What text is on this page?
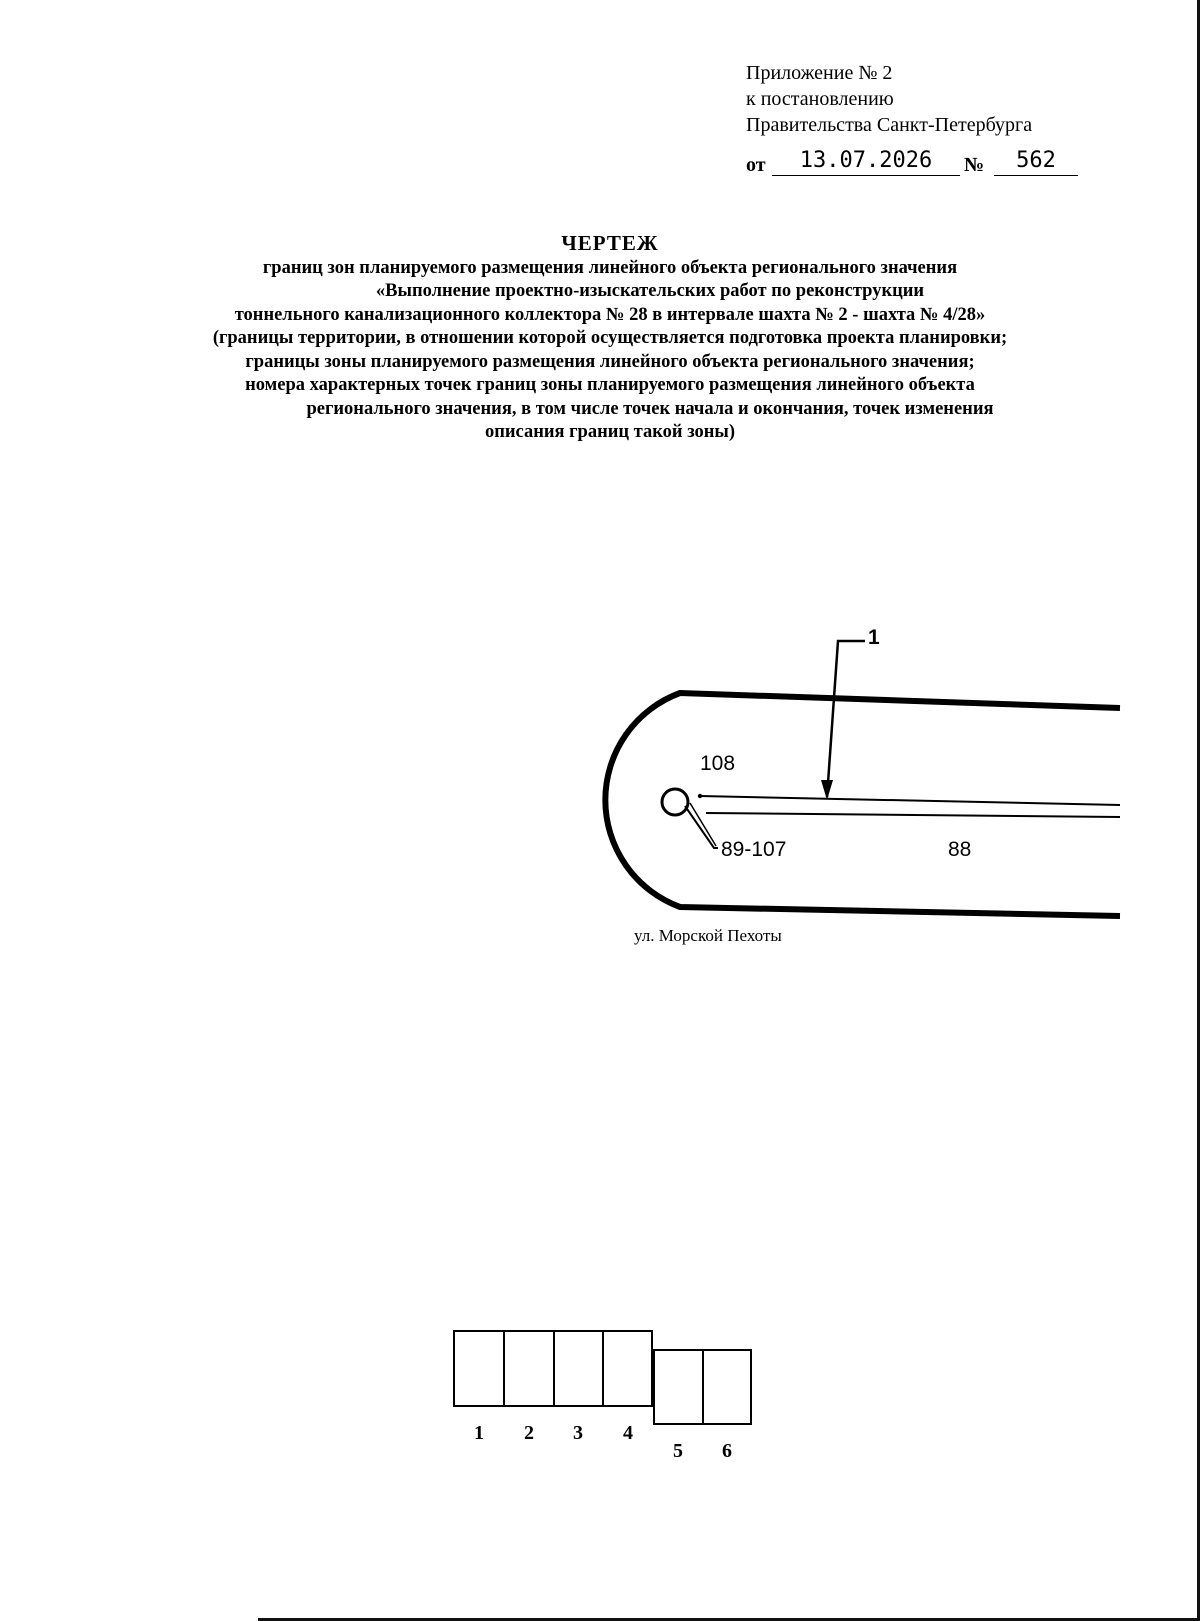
Приложение № 2
к постановлению
Правительства Санкт-Петербурга
от	13.07.2026	№	562
ЧЕРТЕЖ
границ зон планируемого размещения линейного объекта регионального значения
«Выполнение проектно-изыскательских работ по реконструкции
тоннельного канализационного коллектора № 28 в интервале шахта № 2 - шахта № 4/28»
(границы территории, в отношении которой осуществляется подготовка проекта планировки;
границы зоны планируемого размещения линейного объекта регионального значения;
номера характерных точек границ зоны планируемого размещения линейного объекта
регионального значения, в том числе точек начала и окончания, точек изменения
описания границ такой зоны)
1
108
89-107	88
ул. Морской Пехоты
1 2 3 4
5 6
